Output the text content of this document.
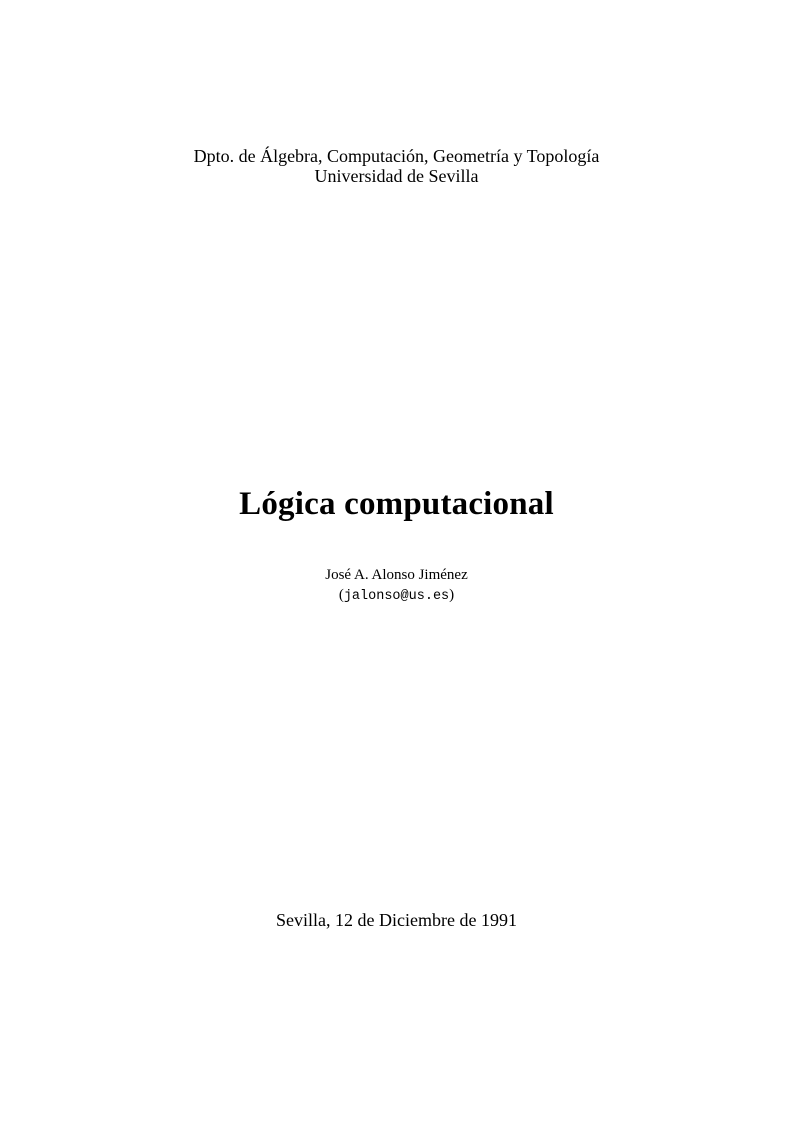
Dpto. de Álgebra, Computación, Geometría y Topología
Universidad de Sevilla
Lógica computacional
José A. Alonso Jiménez
(jalonso@us.es)
Sevilla, 12 de Diciembre de 1991
